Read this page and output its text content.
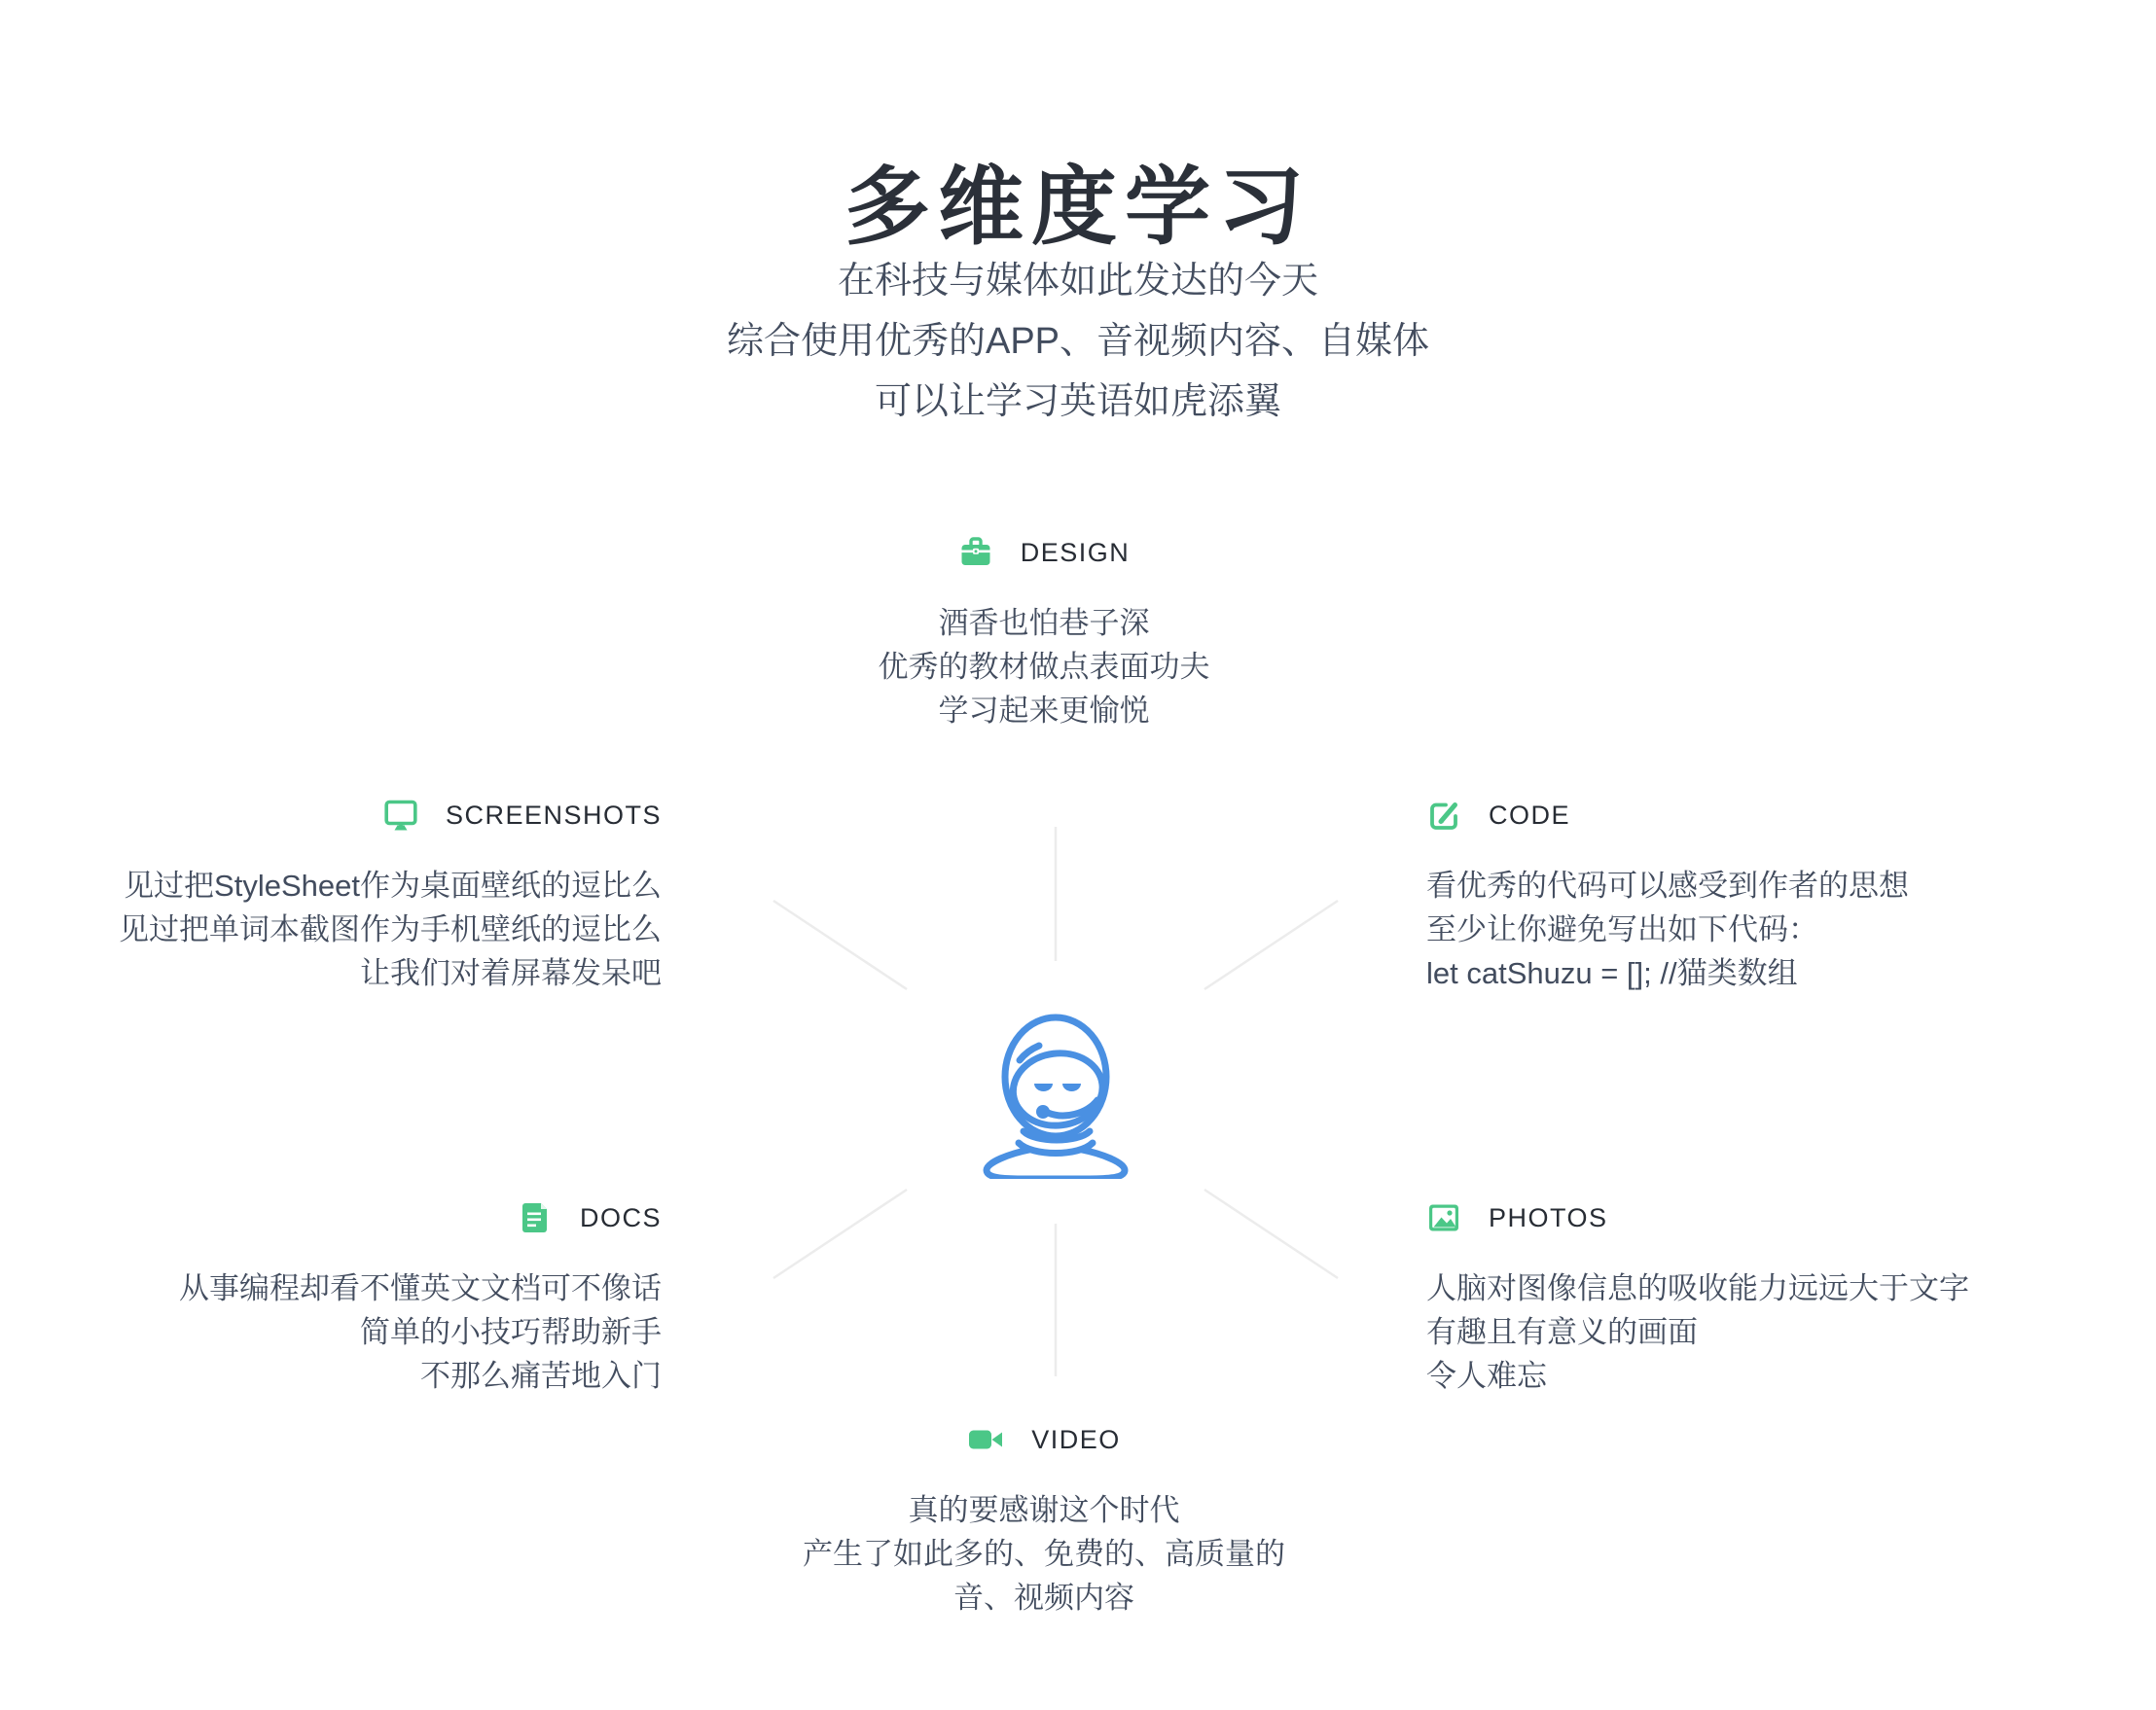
多维度学习
在科技与媒体如此发达的今天
综合使用优秀的APP、音视频内容、自媒体
可以让学习英语如虎添翼
DESIGN
酒香也怕巷子深
优秀的教材做点表面功夫
学习起来更愉悦
SCREENSHOTS
见过把StyleSheet作为桌面壁纸的逗比么
见过把单词本截图作为手机壁纸的逗比么
让我们对着屏幕发呆吧
CODE
看优秀的代码可以感受到作者的思想
至少让你避免写出如下代码：
let catShuzu = []; //猫类数组
DOCS
从事编程却看不懂英文文档可不像话
简单的小技巧帮助新手
不那么痛苦地入门
PHOTOS
人脑对图像信息的吸收能力远远大于文字
有趣且有意义的画面
令人难忘
VIDEO
真的要感谢这个时代
产生了如此多的、免费的、高质量的
音、视频内容
